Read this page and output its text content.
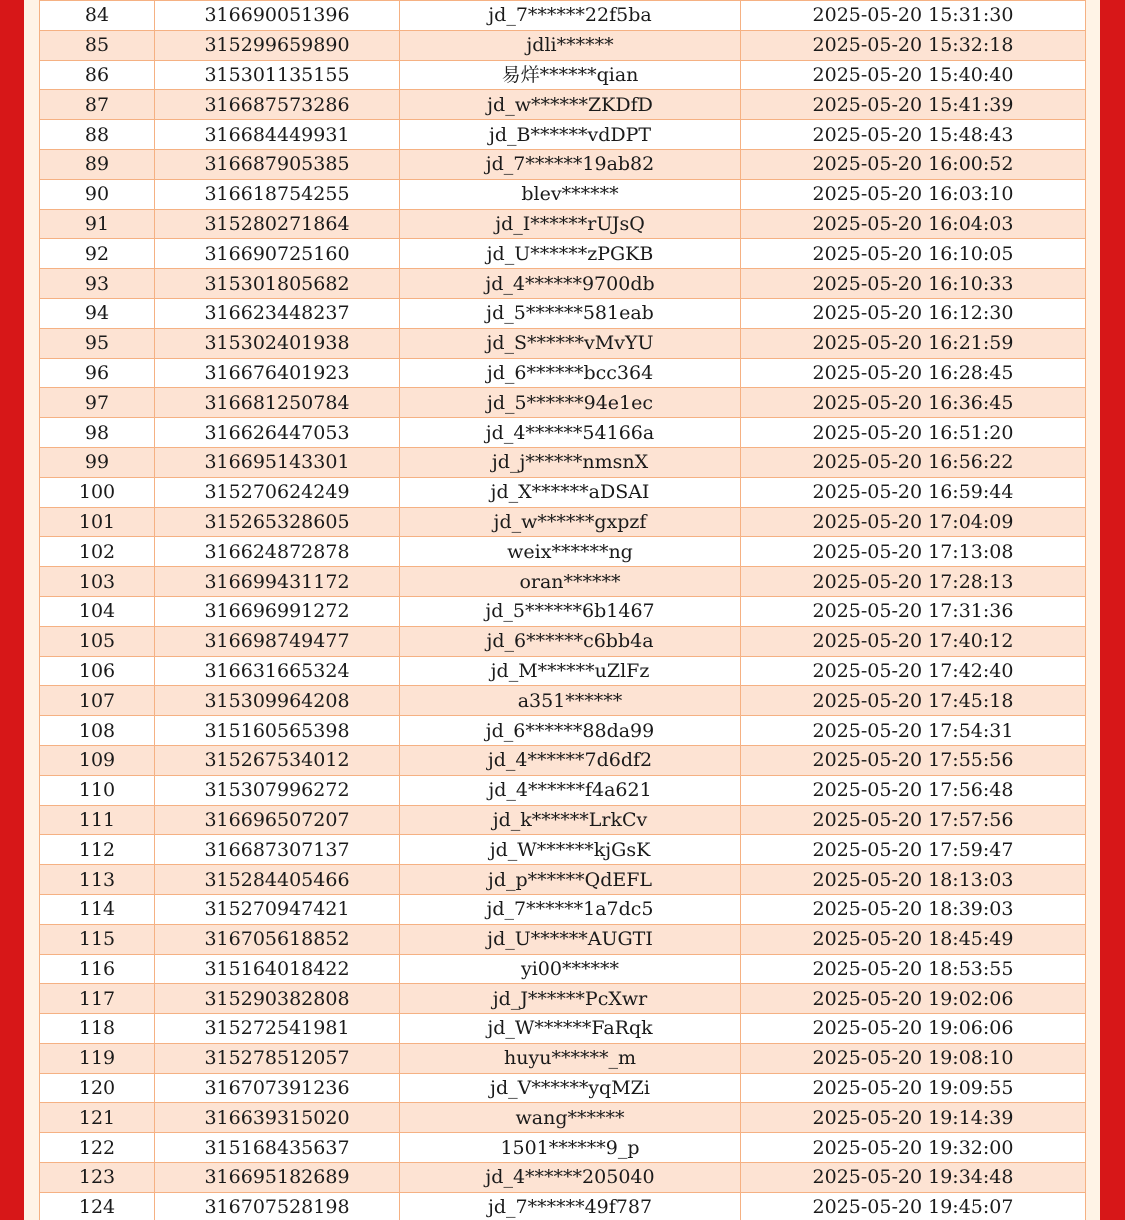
84	316690051396	jd_7******22f5ba	2025-05-20 15:31:30
85	315299659890	jdli******	2025-05-20 15:32:18
86	315301135155	易烊******qian	2025-05-20 15:40:40
87	316687573286	jd_w******ZKDfD	2025-05-20 15:41:39
88	316684449931	jd_B******vdDPT	2025-05-20 15:48:43
89	316687905385	jd_7******19ab82	2025-05-20 16:00:52
90	316618754255	blev******	2025-05-20 16:03:10
91	315280271864	jd_I******rUJsQ	2025-05-20 16:04:03
92	316690725160	jd_U******zPGKB	2025-05-20 16:10:05
93	315301805682	jd_4******9700db	2025-05-20 16:10:33
94	316623448237	jd_5******581eab	2025-05-20 16:12:30
95	315302401938	jd_S******vMvYU	2025-05-20 16:21:59
96	316676401923	jd_6******bcc364	2025-05-20 16:28:45
97	316681250784	jd_5******94e1ec	2025-05-20 16:36:45
98	316626447053	jd_4******54166a	2025-05-20 16:51:20
99	316695143301	jd_j******nmsnX	2025-05-20 16:56:22
100	315270624249	jd_X******aDSAI	2025-05-20 16:59:44
101	315265328605	jd_w******gxpzf	2025-05-20 17:04:09
102	316624872878	weix******ng	2025-05-20 17:13:08
103	316699431172	oran******	2025-05-20 17:28:13
104	316696991272	jd_5******6b1467	2025-05-20 17:31:36
105	316698749477	jd_6******c6bb4a	2025-05-20 17:40:12
106	316631665324	jd_M******uZlFz	2025-05-20 17:42:40
107	315309964208	a351******	2025-05-20 17:45:18
108	315160565398	jd_6******88da99	2025-05-20 17:54:31
109	315267534012	jd_4******7d6df2	2025-05-20 17:55:56
110	315307996272	jd_4******f4a621	2025-05-20 17:56:48
111	316696507207	jd_k******LrkCv	2025-05-20 17:57:56
112	316687307137	jd_W******kjGsK	2025-05-20 17:59:47
113	315284405466	jd_p******QdEFL	2025-05-20 18:13:03
114	315270947421	jd_7******1a7dc5	2025-05-20 18:39:03
115	316705618852	jd_U******AUGTI	2025-05-20 18:45:49
116	315164018422	yi00******	2025-05-20 18:53:55
117	315290382808	jd_J******PcXwr	2025-05-20 19:02:06
118	315272541981	jd_W******FaRqk	2025-05-20 19:06:06
119	315278512057	huyu******_m	2025-05-20 19:08:10
120	316707391236	jd_V******yqMZi	2025-05-20 19:09:55
121	316639315020	wang******	2025-05-20 19:14:39
122	315168435637	1501******9_p	2025-05-20 19:32:00
123	316695182689	jd_4******205040	2025-05-20 19:34:48
124	316707528198	jd_7******49f787	2025-05-20 19:45:07
